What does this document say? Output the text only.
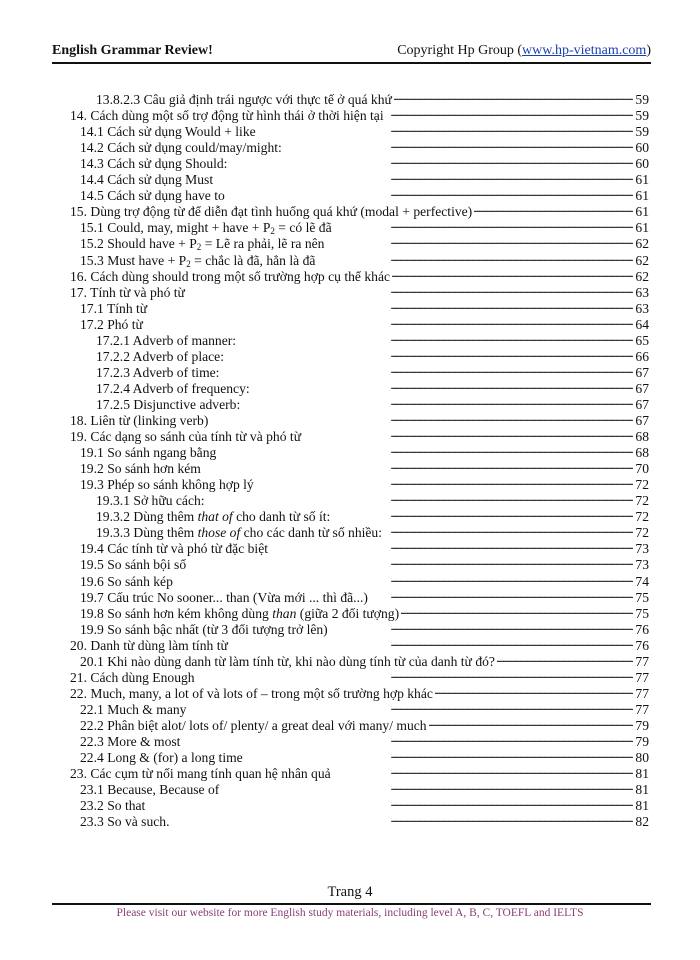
English Grammar Review!	Copyright Hp Group (www.hp-vietnam.com)
13.8.2.3 Câu giả định trái ngược với thực tế ở quá khứ . . .	59
14. Cách dùng một số trợ động từ hình thái ở thời hiện tại . . .	59
14.1 Cách sử dụng Would + like . . .	59
14.2 Cách sử dụng could/may/might: . . .	60
14.3 Cách sử dụng Should: . . .	60
14.4 Cách sử dụng Must . . .	61
14.5 Cách sử dụng have to . . .	61
15. Dùng trợ động từ để diễn đạt tình huống quá khứ (modal + perfective) . . .	61
15.1 Could, may, might + have + $P_2$ = có lẽ đã . . .	61
15.2 Should have + $P_2$ = Lẽ ra phải, lẽ ra nên . . .	62
15.3 Must have + $P_2$ = chắc là đã, hẳn là đã . . .	62
16. Cách dùng should trong một số trường hợp cụ thể khác . . .	62
17. Tính từ và phó từ . . .	63
17.1 Tính từ . . .	63
17.2 Phó từ . . .	64
17.2.1 Adverb of manner: . . .	65
17.2.2 Adverb of place: . . .	66
17.2.3 Adverb of time: . . .	67
17.2.4 Adverb of frequency: . . .	67
17.2.5 Disjunctive adverb: . . .	67
18. Liên từ (linking verb) . . .	67
19. Các dạng so sánh của tính từ và phó từ . . .	68
19.1 So sánh ngang bằng . . .	68
19.2 So sánh hơn kém . . .	70
19.3 Phép so sánh không hợp lý . . .	72
19.3.1 Sở hữu cách: . . .	72
19.3.2 Dùng thêm that of cho danh từ số ít: . . .	72
19.3.3 Dùng thêm those of cho các danh từ số nhiều: . . .	72
19.4 Các tính từ và phó từ đặc biệt . . .	73
19.5 So sánh bội số . . .	73
19.6 So sánh kép . . .	74
19.7 Cấu trúc No sooner... than (Vừa mới ... thì đã...) . . .	75
19.8 So sánh hơn kém không dùng than (giữa 2 đối tượng) . . .	75
19.9 So sánh bậc nhất (từ 3 đối tượng trở lên) . . .	76
20. Danh từ dùng làm tính từ . . .	76
20.1 Khi nào dùng danh từ làm tính từ, khi nào dùng tính từ của danh từ đó? . . .	77
21. Cách dùng Enough . . .	77
22. Much, many, a lot of và lots of – trong một số trường hợp khác . . .	77
22.1 Much & many . . .	77
22.2 Phân biệt alot/ lots of/ plenty/ a great deal với many/ much . . .	79
22.3 More & most . . .	79
22.4 Long & (for) a long time . . .	80
23. Các cụm từ nối mang tính quan hệ nhân quả . . .	81
23.1 Because, Because of . . .	81
23.2 So that . . .	81
23.3 So và such. . . .	82
Trang 4
Please visit our website for more English study materials, including level A, B, C, TOEFL and IELTS
